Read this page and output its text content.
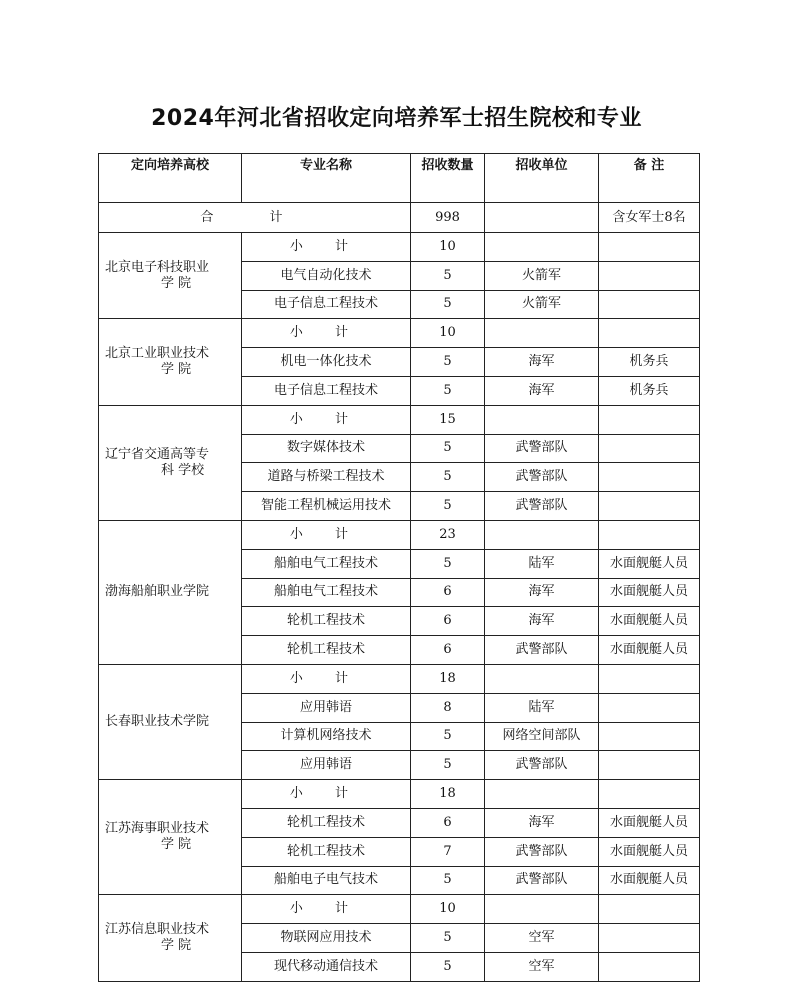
2024年河北省招收定向培养军士招生院校和专业
定向培养高校	专业名称	招收数量	招收单位	备 注
合 计		998		含女军士8名
北京电子科技职业
学 院	小 计	10		
	电气自动化技术	5	火箭军	
	电子信息工程技术	5	火箭军	
北京工业职业技术
学 院	小 计	10		
	机电一体化技术	5	海军	机务兵
	电子信息工程技术	5	海军	机务兵
辽宁省交通高等专
科 学校	小 计	15		
	数字媒体技术	5	武警部队	
	道路与桥梁工程技术	5	武警部队	
	智能工程机械运用技术	5	武警部队	
渤海船舶职业学院	小 计	23		
	船舶电气工程技术	5	陆军	水面舰艇人员
	船舶电气工程技术	6	海军	水面舰艇人员
	轮机工程技术	6	海军	水面舰艇人员
	轮机工程技术	6	武警部队	水面舰艇人员
长春职业技术学院	小 计	18		
	应用韩语	8	陆军	
	计算机网络技术	5	网络空间部队	
	应用韩语	5	武警部队	
江苏海事职业技术
学 院	小 计	18		
	轮机工程技术	6	海军	水面舰艇人员
	轮机工程技术	7	武警部队	水面舰艇人员
	船舶电子电气技术	5	武警部队	水面舰艇人员
江苏信息职业技术
学 院	小 计	10		
	物联网应用技术	5	空军	
	现代移动通信技术	5	空军	
